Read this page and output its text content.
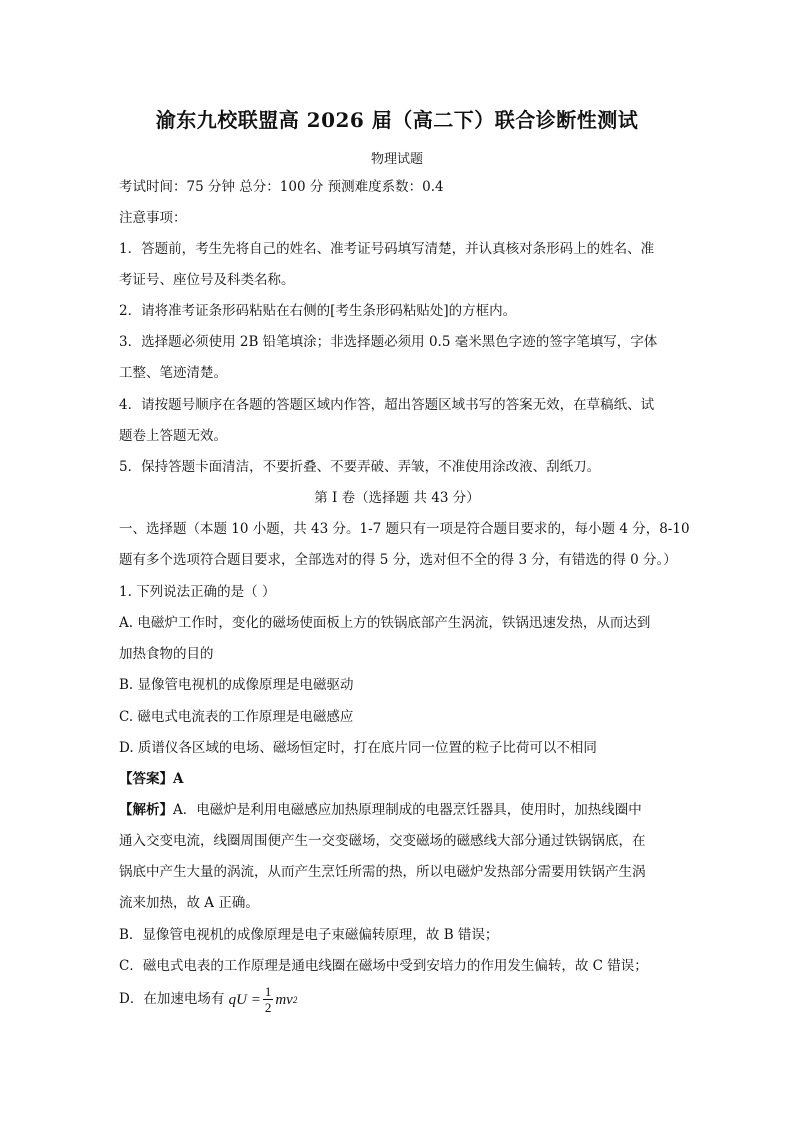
渝东九校联盟高 2026 届（高二下）联合诊断性测试
物理试题
考试时间：75 分钟 总分：100 分 预测难度系数：0.4
注意事项：
1．答题前，考生先将自己的姓名、准考证号码填写清楚，并认真核对条形码上的姓名、准
考证号、座位号及科类名称。
2．请将准考证条形码粘贴在右侧的[考生条形码粘贴处]的方框内。
3．选择题必须使用 2B 铅笔填涂；非选择题必须用 0.5 毫米黑色字迹的签字笔填写，字体
工整、笔迹清楚。
4．请按题号顺序在各题的答题区域内作答，超出答题区域书写的答案无效，在草稿纸、试
题卷上答题无效。
5．保持答题卡面清洁，不要折叠、不要弄破、弄皱，不准使用涂改液、刮纸刀。
第 I 卷（选择题 共 43 分）
一、选择题（本题 10 小题，共 43 分。1-7 题只有一项是符合题目要求的，每小题 4 分，8-10
题有多个选项符合题目要求，全部选对的得 5 分，选对但不全的得 3 分，有错选的得 0 分。）
1. 下列说法正确的是（ ）
A. 电磁炉工作时，变化的磁场使面板上方的铁锅底部产生涡流，铁锅迅速发热，从而达到
加热食物的目的
B. 显像管电视机的成像原理是电磁驱动
C. 磁电式电流表的工作原理是电磁感应
D. 质谱仪各区域的电场、磁场恒定时，打在底片同一位置的粒子比荷可以不相同
【答案】A
【解析】A．电磁炉是利用电磁感应加热原理制成的电器烹饪器具，使用时，加热线圈中
通入交变电流，线圈周围便产生一交变磁场，交变磁场的磁感线大部分通过铁锅锅底，在
锅底中产生大量的涡流，从而产生烹饪所需的热，所以电磁炉发热部分需要用铁锅产生涡
流来加热，故 A 正确。
B．显像管电视机的成像原理是电子束磁偏转原理，故 B 错误；
C．磁电式电表的工作原理是通电线圈在磁场中受到安培力的作用发生偏转，故 C 错误；
D．在加速电场有 qU = $\frac{1}{2}$ mv 2
